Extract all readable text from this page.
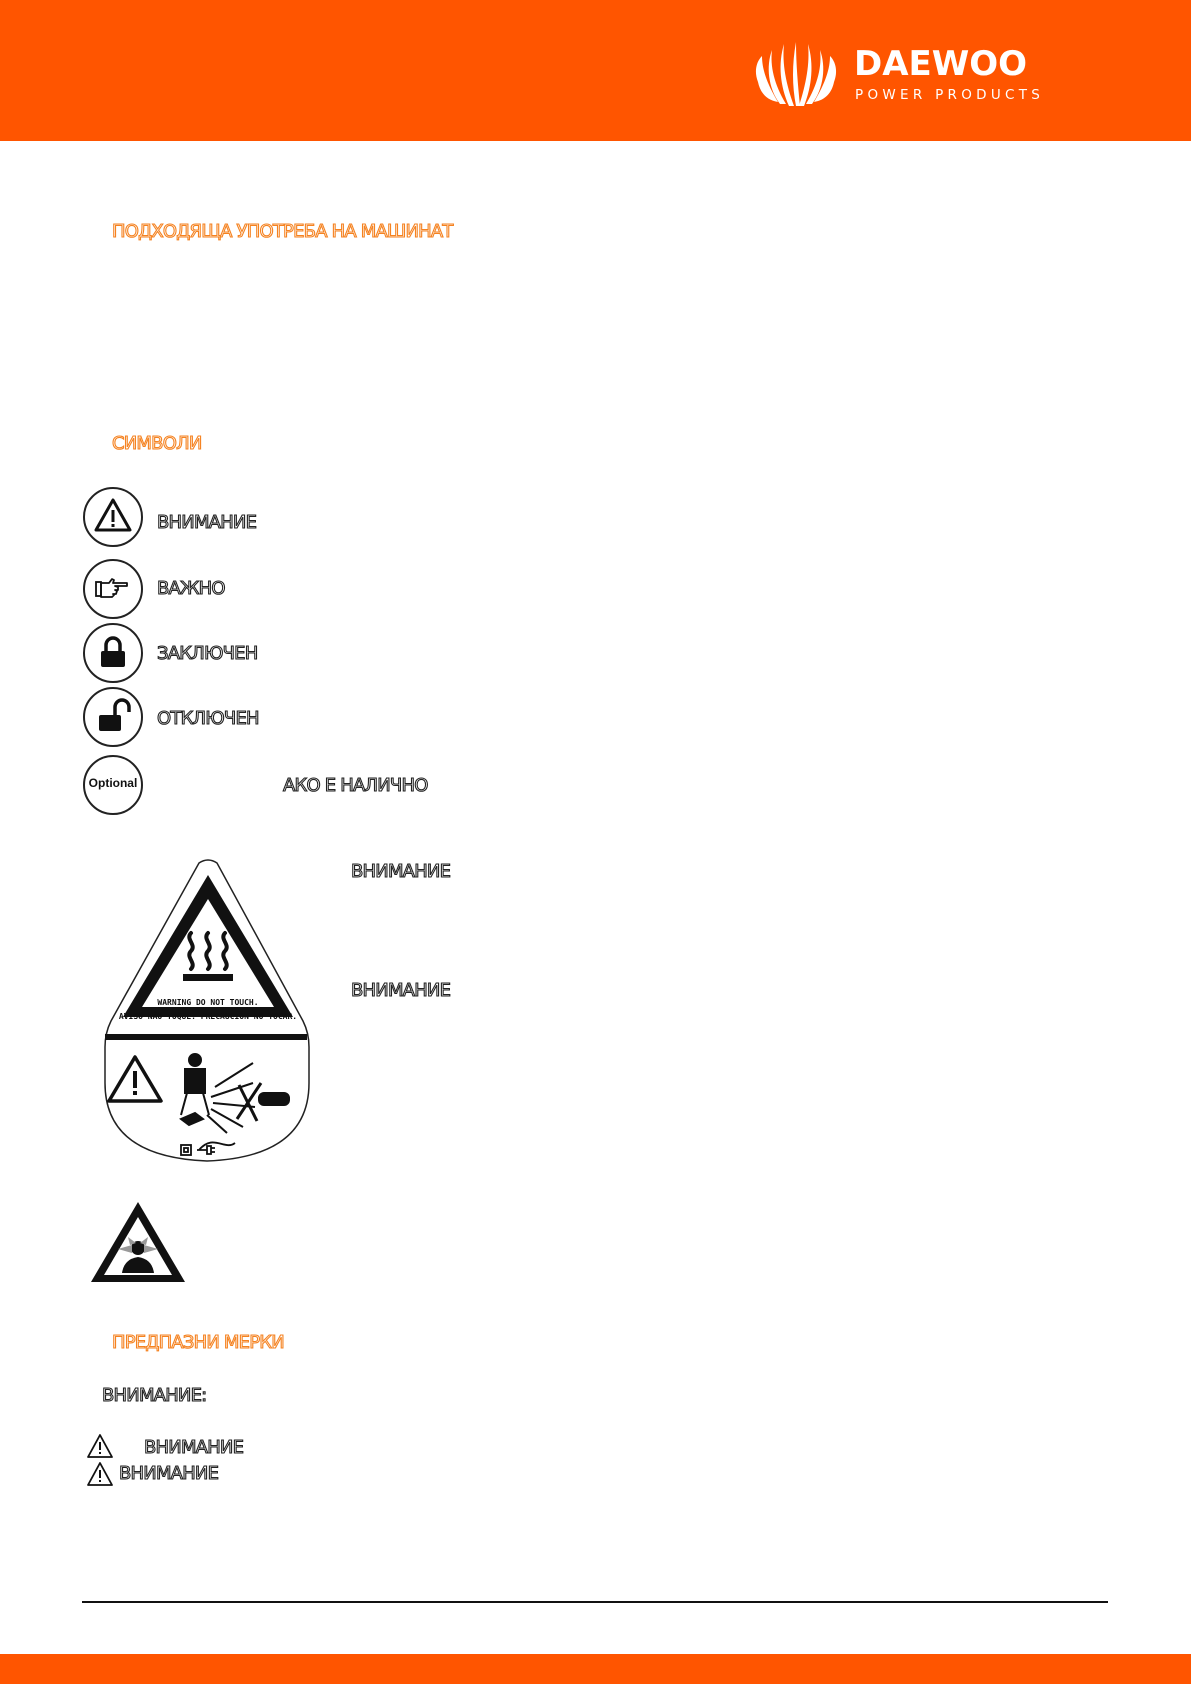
DAEWOO
POWER PRODUCTS
ПОДХОДЯЩА УПОТРЕБА НА МАШИНАТ
СИМВОЛИ
ВНИМАНИЕ
ВАЖНО
ЗАКЛЮЧЕН
ОТКЛЮЧЕН
Optional	АКО Е НАЛИЧНО
WARNING DO NOT TOUCH.
AVISO NÃO TOQUE. PRECAUCIÓN NO TOCAR.
ВНИМАНИЕ
ВНИМАНИЕ
ПРЕДПАЗНИ МЕРКИ
ВНИМАНИЕ:
ВНИМАНИЕ
ВНИМАНИЕ
